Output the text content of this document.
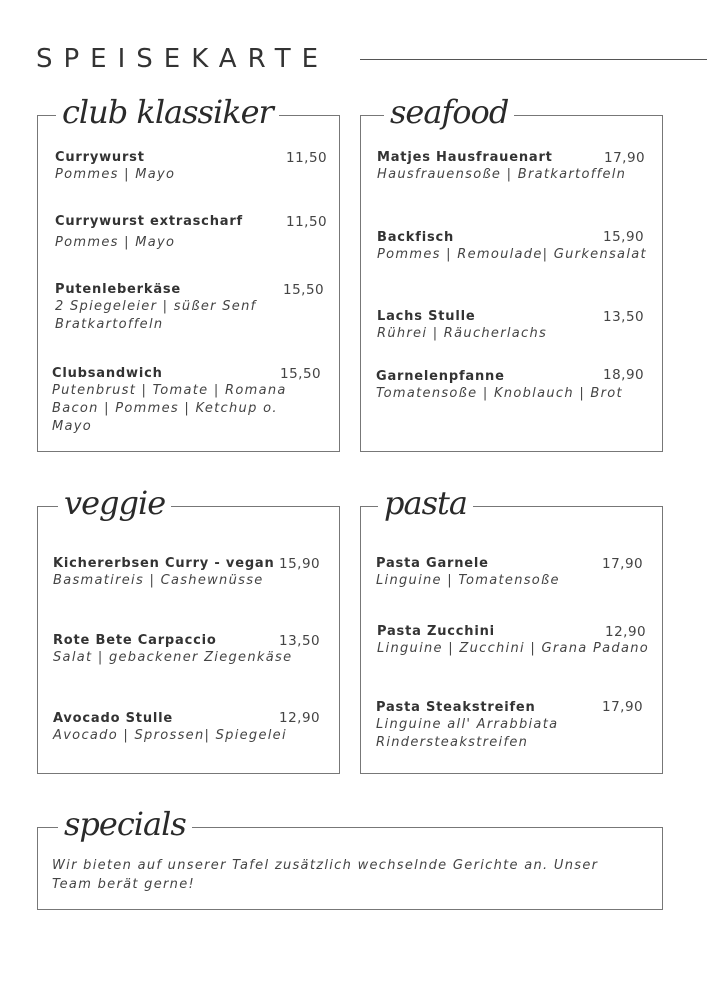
SPEISEKARTE
club klassiker
Currywurst
Pommes | Mayo
11,50
Currywurst extrascharf
Pommes | Mayo
11,50
Putenleberkäse
2 Spiegeleier | süßer Senf Bratkartoffeln
15,50
Clubsandwich
Putenbrust | Tomate | Romana Bacon | Pommes | Ketchup o. Mayo
15,50
seafood
Matjes Hausfrauenart
Hausfrauensoße | Bratkartoffeln
17,90
Backfisch
Pommes | Remoulade| Gurkensalat
15,90
Lachs Stulle
Rührei | Räucherlachs
13,50
Garnelenpfanne
Tomatensoße | Knoblauch | Brot
18,90
veggie
Kichererbsen Curry - vegan
Basmatireis | Cashewnüsse
15,90
Rote Bete Carpaccio
Salat | gebackener Ziegenkäse
13,50
Avocado Stulle
Avocado | Sprossen| Spiegelei
12,90
pasta
Pasta Garnele
Linguine | Tomatensoße
17,90
Pasta Zucchini
Linguine | Zucchini | Grana Padano
12,90
Pasta Steakstreifen
Linguine all' Arrabbiata Rindersteakstreifen
17,90
specials
Wir bieten auf unserer Tafel zusätzlich wechselnde Gerichte an. Unser Team berät gerne!
